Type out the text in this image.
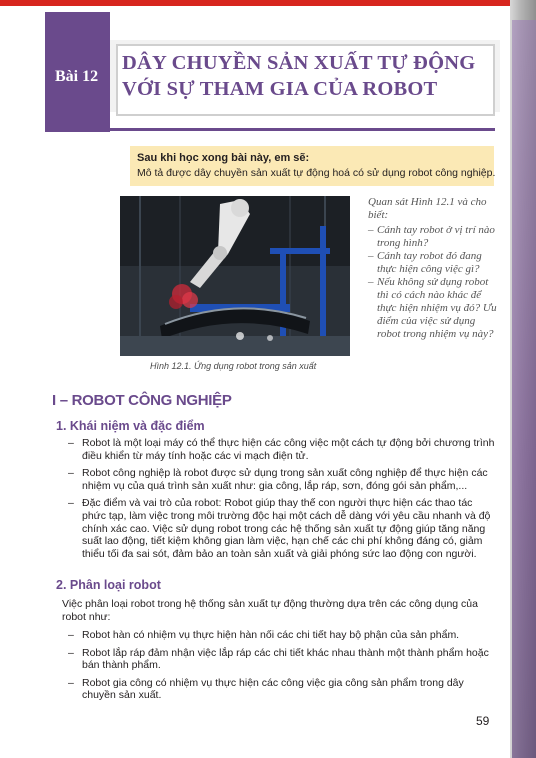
Bài 12
DÂY CHUYỀN SẢN XUẤT TỰ ĐỘNG
VỚI SỰ THAM GIA CỦA ROBOT
Sau khi học xong bài này, em sẽ:
Mô tả được dây chuyền sản xuất tự động hoá có sử dụng robot công nghiệp.
Hình 12.1. Ứng dụng robot trong sản xuất

Quan sát Hình 12.1 và cho biết:

– Cánh tay robot ở vị trí nào trong hình?
– Cánh tay robot đó đang thực hiện công việc gì?
– Nếu không sử dụng robot thì có cách nào khác để thực hiện nhiệm vụ đó? Ưu điểm của việc sử dụng robot trong nhiệm vụ này?
I – ROBOT CÔNG NGHIỆP
1. Khái niệm và đặc điểm
– Robot là một loại máy có thể thực hiện các công việc một cách tự động bởi chương trình điều khiển từ máy tính hoặc các vi mạch điện tử.
– Robot công nghiệp là robot được sử dụng trong sản xuất công nghiệp để thực hiện các nhiệm vụ của quá trình sản xuất như: gia công, lắp ráp, sơn, đóng gói sản phẩm,...
– Đặc điểm và vai trò của robot: Robot giúp thay thế con người thực hiện các thao tác phức tạp, làm việc trong môi trường độc hại một cách dễ dàng với yêu cầu nhanh và độ chính xác cao. Việc sử dụng robot trong các hệ thống sản xuất tự động giúp tăng năng suất lao động, tiết kiệm không gian làm việc, hạn chế các chi phí không đáng có, giảm thiểu tối đa sai sót, đảm bảo an toàn sản xuất và giải phóng sức lao động con người.
2. Phân loại robot
Việc phân loại robot trong hệ thống sản xuất tự động thường dựa trên các công dụng của robot như:
– Robot hàn có nhiệm vụ thực hiện hàn nối các chi tiết hay bộ phận của sản phẩm.
– Robot lắp ráp đảm nhận việc lắp ráp các chi tiết khác nhau thành một thành phẩm hoặc bán thành phẩm.
– Robot gia công có nhiệm vụ thực hiện các công việc gia công sản phẩm trong dây chuyền sản xuất.
59
